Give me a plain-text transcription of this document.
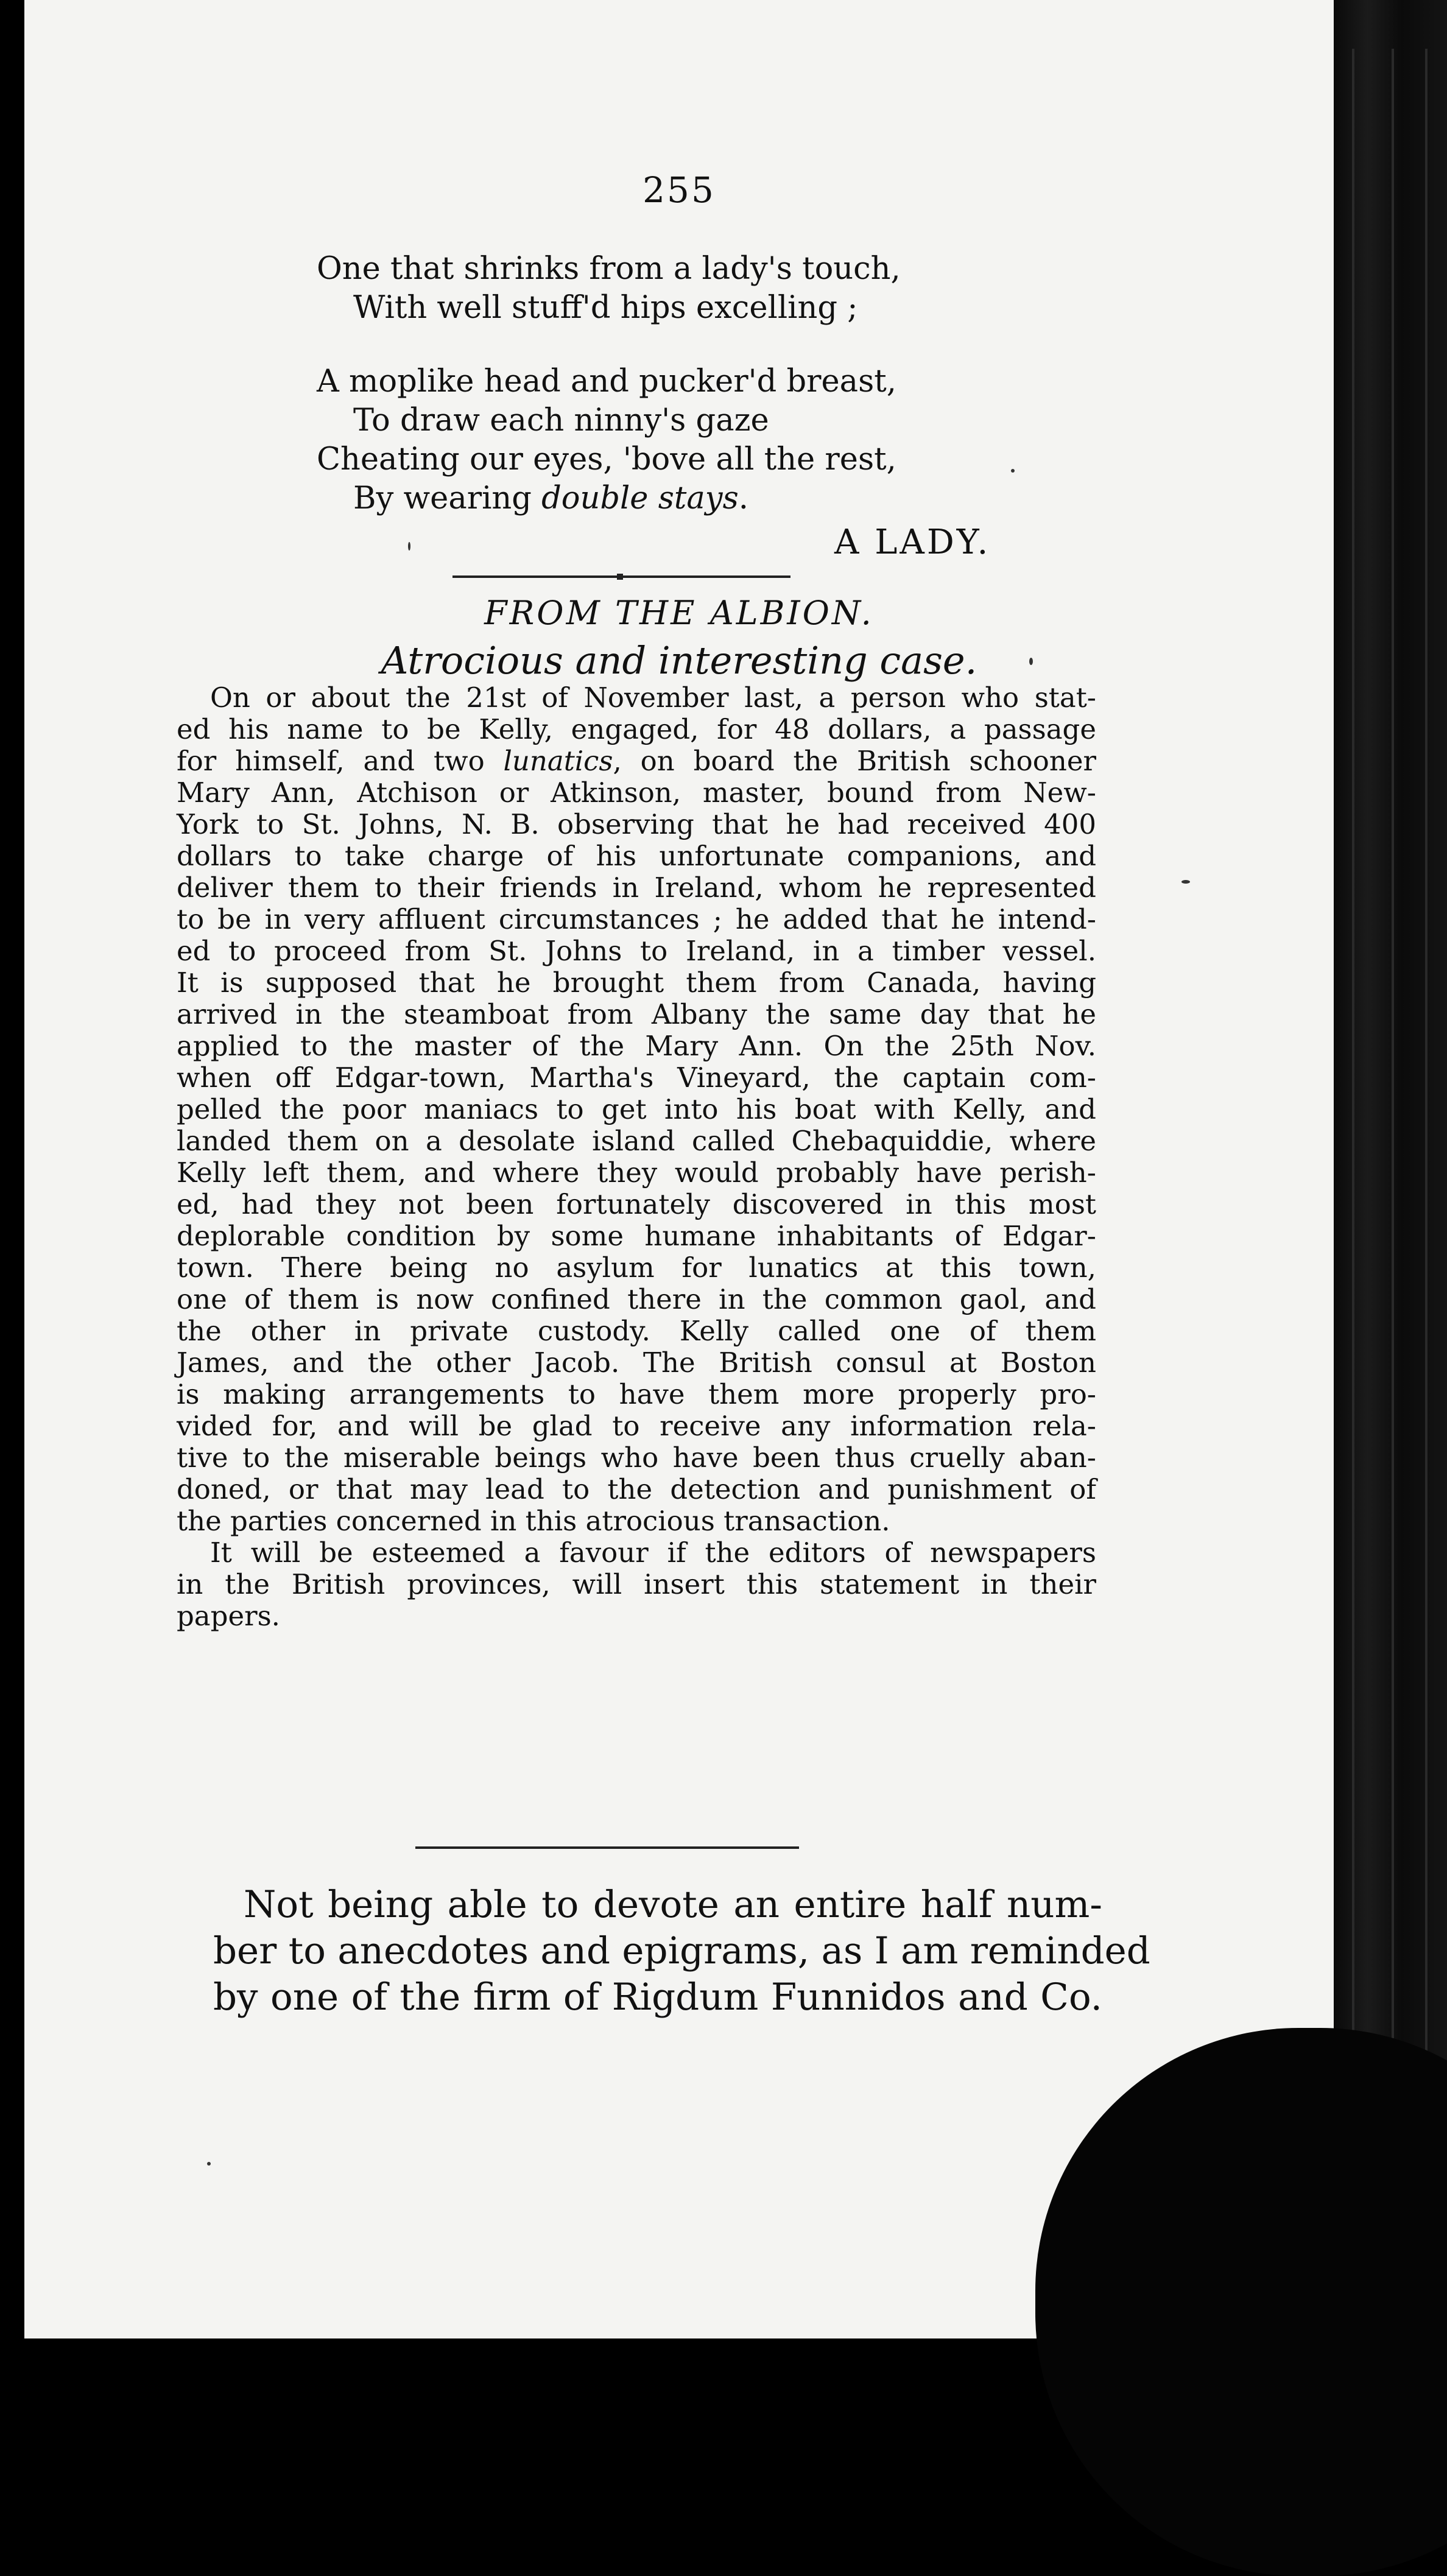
255
One that shrinks from a lady's touch,
With well stuff'd hips excelling ;
A moplike head and pucker'd breast,
To draw each ninny's gaze
Cheating our eyes, 'bove all the rest,
By wearing double stays.
A LADY.
FROM THE ALBION.
Atrocious and interesting case.
On or about the 21st of November last, a person who stat-
ed his name to be Kelly, engaged, for 48 dollars, a passage
for himself, and two lunatics, on board the British schooner
Mary Ann, Atchison or Atkinson, master, bound from New-
York to St. Johns, N. B. observing that he had received 400
dollars to take charge of his unfortunate companions, and
deliver them to their friends in Ireland, whom he represented
to be in very affluent circumstances ; he added that he intend-
ed to proceed from St. Johns to Ireland, in a timber vessel.
It is supposed that he brought them from Canada, having
arrived in the steamboat from Albany the same day that he
applied to the master of the Mary Ann. On the 25th Nov.
when off Edgar-town, Martha's Vineyard, the captain com-
pelled the poor maniacs to get into his boat with Kelly, and
landed them on a desolate island called Chebaquiddie, where
Kelly left them, and where they would probably have perish-
ed, had they not been fortunately discovered in this most
deplorable condition by some humane inhabitants of Edgar-
town. There being no asylum for lunatics at this town,
one of them is now confined there in the common gaol, and
the other in private custody. Kelly called one of them
James, and the other Jacob. The British consul at Boston
is making arrangements to have them more properly pro-
vided for, and will be glad to receive any information rela-
tive to the miserable beings who have been thus cruelly aban-
doned, or that may lead to the detection and punishment of
the parties concerned in this atrocious transaction.
It will be esteemed a favour if the editors of newspapers
in the British provinces, will insert this statement in their
papers.
Not being able to devote an entire half num-
ber to anecdotes and epigrams, as I am reminded
by one of the firm of Rigdum Funnidos and Co.
